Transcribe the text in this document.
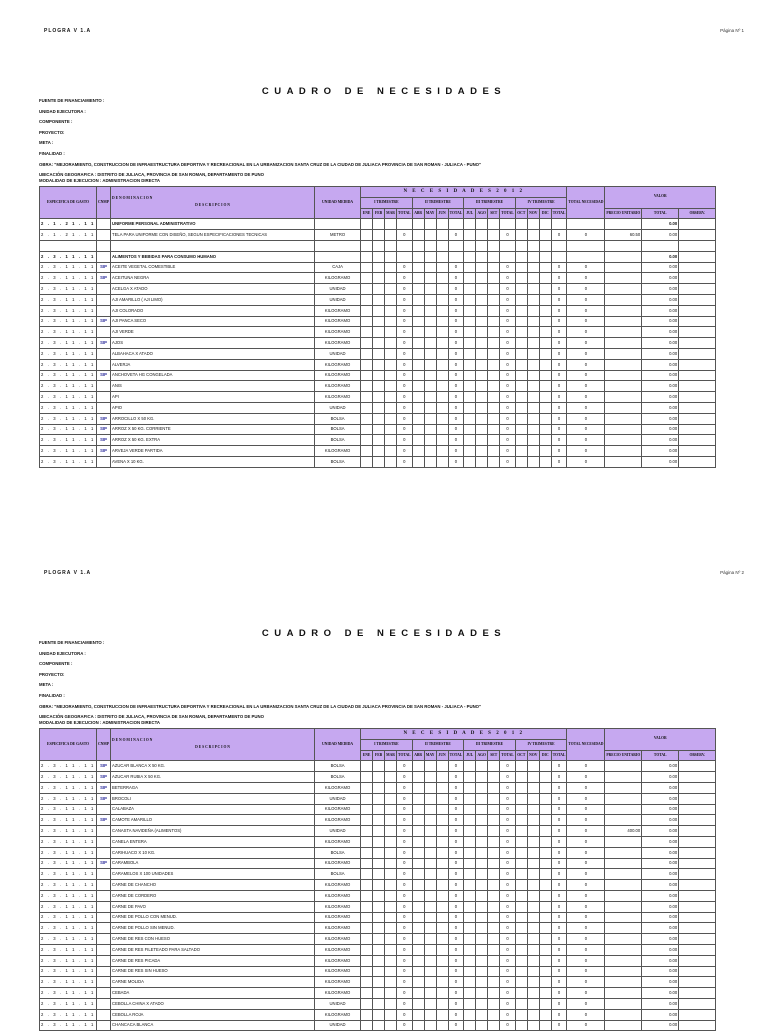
PLOGRA V 1.A	Página Nº 1
CUADRO DE NECESIDADES
FUENTE DE FINANCIAMIENTO :
UNIDAD EJECUTORA :
COMPONENTE :
PROYECTO:
META :
FINALIDAD :
OBRA: "MEJORAMIENTO, CONSTRUCCION DE INFRAESTRUCTURA DEPORTIVA Y RECREACIONAL EN LA URBANIZACION SANTA CRUZ DE LA CIUDAD DE JULIACA PROVINCIA DE SAN ROMAN - JULIACA - PUNO"
UBICACIÓN GEOGRAFICA : DISTRITO DE JULIACA, PROVINCIA DE SAN ROMAN, DEPARTAMENTO DE PUNO
MODALIDAD DE EJECUCION : ADMINISTRACION DIRECTA
ESPECIFICA DE GASTO	CNMP	D E N O M I N A C I O N
D E S C R I P C I O N	UNIDAD MEDIDA	N E C E S I D A D E S 2 0 1 2																TOTAL NECESIDAD	VALOR		
				I TRIMESTRE				II TRIMESTRE				III TRIMESTRE				IV TRIMESTRE							
				ENE	FEB	MAR	TOTAL	ABR	MAY	JUN	TOTAL	JUL	AGO	SET	TOTAL	OCT	NOV	DIC	TOTAL		PRECIO UNITARIO	TOTAL	OBSERV.
2 . 1 . 2 1 . 1 1		UNIFORME PERSONAL ADMINISTRATIVO																				0.00	
2 . 1 . 2 1 . 1 1		TELA PARA UNIFORME CON DISEÑO, SEGUN ESPECIFICACIONES TECNICAS	METRO				0				0				0				0	0	60.50	0.00	

2 . 3 . 1 1 . 1 1		ALIMENTOS Y BEBIDAS PARA CONSUMO HUMANO																				0.00	
2 . 3 . 1 1 . 1 1	SIP	ACEITE VEGETAL COMESTIBLE	CAJA				0				0				0				0	0		0.00	
2 . 3 . 1 1 . 1 1	SIP	ACEITUNA NEGRA	KILOGRAMO				0				0				0				0	0		0.00	
2 . 3 . 1 1 . 1 1		ACELGA X ATADO	UNIDAD				0				0				0				0	0		0.00	
2 . 3 . 1 1 . 1 1		AJI AMARILLO ( AJI LIMO)	UNIDAD				0				0				0				0	0		0.00	
2 . 3 . 1 1 . 1 1		AJI COLORADO	KILOGRAMO				0				0				0				0	0		0.00	
2 . 3 . 1 1 . 1 1	SIP	AJI PANCA SECO	KILOGRAMO				0				0				0				0	0		0.00	
2 . 3 . 1 1 . 1 1		AJI VERDE	KILOGRAMO				0				0				0				0	0		0.00	
2 . 3 . 1 1 . 1 1	SIP	AJOS	KILOGRAMO				0				0				0				0	0		0.00	
2 . 3 . 1 1 . 1 1		ALBAHACA X ATADO	UNIDAD				0				0				0				0	0		0.00	
2 . 3 . 1 1 . 1 1		ALVERJA	KILOGRAMO				0				0				0				0	0		0.00	
2 . 3 . 1 1 . 1 1	SIP	ANCHOVETA HG CONGELADA	KILOGRAMO				0				0				0				0	0		0.00	
2 . 3 . 1 1 . 1 1		ANIS	KILOGRAMO				0				0				0				0	0		0.00	
2 . 3 . 1 1 . 1 1		API	KILOGRAMO				0				0				0				0	0		0.00	
2 . 3 . 1 1 . 1 1		APIO	UNIDAD				0				0				0				0	0		0.00	
2 . 3 . 1 1 . 1 1	SIP	ARROCILLO X 50 KG.	BOLSA				0				0				0				0	0		0.00	
2 . 3 . 1 1 . 1 1	SIP	ARROZ X 50 KG. CORRIENTE	BOLSA				0				0				0				0	0		0.00	
2 . 3 . 1 1 . 1 1	SIP	ARROZ X 50 KG. EXTRA	BOLSA				0				0				0				0	0		0.00	
2 . 3 . 1 1 . 1 1	SIP	ARVEJA VERDE PARTIDA	KILOGRAMO				0				0				0				0	0		0.00	
2 . 3 . 1 1 . 1 1		AVENA X 10 KG.	BOLSA				0				0				0				0	0		0.00	
PLOGRA V 1.A	Página Nº 2
CUADRO DE NECESIDADES
FUENTE DE FINANCIAMIENTO :
UNIDAD EJECUTORA :
COMPONENTE :
PROYECTO:
META :
FINALIDAD :
OBRA: "MEJORAMIENTO, CONSTRUCCION DE INFRAESTRUCTURA DEPORTIVA Y RECREACIONAL EN LA URBANIZACION SANTA CRUZ DE LA CIUDAD DE JULIACA PROVINCIA DE SAN ROMAN - JULIACA - PUNO"
UBICACIÓN GEOGRAFICA : DISTRITO DE JULIACA, PROVINCIA DE SAN ROMAN, DEPARTAMENTO DE PUNO
MODALIDAD DE EJECUCION : ADMINISTRACION DIRECTA
ESPECIFICA DE GASTO	CNMP	D E N O M I N A C I O N
D E S C R I P C I O N	UNIDAD MEDIDA	N E C E S I D A D E S 2 0 1 2																TOTAL NECESIDAD	VALOR		
				I TRIMESTRE				II TRIMESTRE				III TRIMESTRE				IV TRIMESTRE							
				ENE	FEB	MAR	TOTAL	ABR	MAY	JUN	TOTAL	JUL	AGO	SET	TOTAL	OCT	NOV	DIC	TOTAL		PRECIO UNITARIO	TOTAL	OBSERV.
2 . 3 . 1 1 . 1 1	SIP	AZUCAR BLANCA X 50 KG.	BOLSA				0				0				0				0	0		0.00	
2 . 3 . 1 1 . 1 1	SIP	AZUCAR RUBIA X 50 KG.	BOLSA				0				0				0				0	0		0.00	
2 . 3 . 1 1 . 1 1	SIP	BETERRAGA	KILOGRAMO				0				0				0				0	0		0.00	
2 . 3 . 1 1 . 1 1	SIP	BROCOLI	UNIDAD				0				0				0				0	0		0.00	
2 . 3 . 1 1 . 1 1		CALABAZA	KILOGRAMO				0				0				0				0	0		0.00	
2 . 3 . 1 1 . 1 1	SIP	CAMOTE AMARILLO	KILOGRAMO				0				0				0				0	0		0.00	
2 . 3 . 1 1 . 1 1		CANASTA NAVIDEÑA (ALIMENTOS)	UNIDAD				0				0				0				0	0	400.00	0.00	
2 . 3 . 1 1 . 1 1		CANELA ENTERA	KILOGRAMO				0				0				0				0	0		0.00	
2 . 3 . 1 1 . 1 1		CARIHUACO X 10 KG.	BOLSA				0				0				0				0	0		0.00	
2 . 3 . 1 1 . 1 1	SIP	CARAMBOLA	KILOGRAMO				0				0				0				0	0		0.00	
2 . 3 . 1 1 . 1 1		CARAMELOS X 100 UNIDADES	BOLSA				0				0				0				0	0		0.00	
2 . 3 . 1 1 . 1 1		CARNE DE CHANCHO	KILOGRAMO				0				0				0				0	0		0.00	
2 . 3 . 1 1 . 1 1		CARNE DE CORDERO	KILOGRAMO				0				0				0				0	0		0.00	
2 . 3 . 1 1 . 1 1		CARNE DE PAVO	KILOGRAMO				0				0				0				0	0		0.00	
2 . 3 . 1 1 . 1 1		CARNE DE POLLO CON MENUD.	KILOGRAMO				0				0				0				0	0		0.00	
2 . 3 . 1 1 . 1 1		CARNE DE POLLO SIN MENUD.	KILOGRAMO				0				0				0				0	0		0.00	
2 . 3 . 1 1 . 1 1		CARNE DE RES CON HUESO	KILOGRAMO				0				0				0				0	0		0.00	
2 . 3 . 1 1 . 1 1		CARNE DE RES FILETEADO PARA SALTADO	KILOGRAMO				0				0				0				0	0		0.00	
2 . 3 . 1 1 . 1 1		CARNE DE RES PICADA	KILOGRAMO				0				0				0				0	0		0.00	
2 . 3 . 1 1 . 1 1		CARNE DE RES SIN HUESO	KILOGRAMO				0				0				0				0	0		0.00	
2 . 3 . 1 1 . 1 1		CARNE MOLIDA	KILOGRAMO				0				0				0				0	0		0.00	
2 . 3 . 1 1 . 1 1		CEBADA	KILOGRAMO				0				0				0				0	0		0.00	
2 . 3 . 1 1 . 1 1		CEBOLLA CHINA X ATADO	UNIDAD				0				0				0				0	0		0.00	
2 . 3 . 1 1 . 1 1		CEBOLLA ROJA	KILOGRAMO				0				0				0				0	0		0.00	
2 . 3 . 1 1 . 1 1		CHANCACA BLANCA	UNIDAD				0				0				0				0	0		0.00	
